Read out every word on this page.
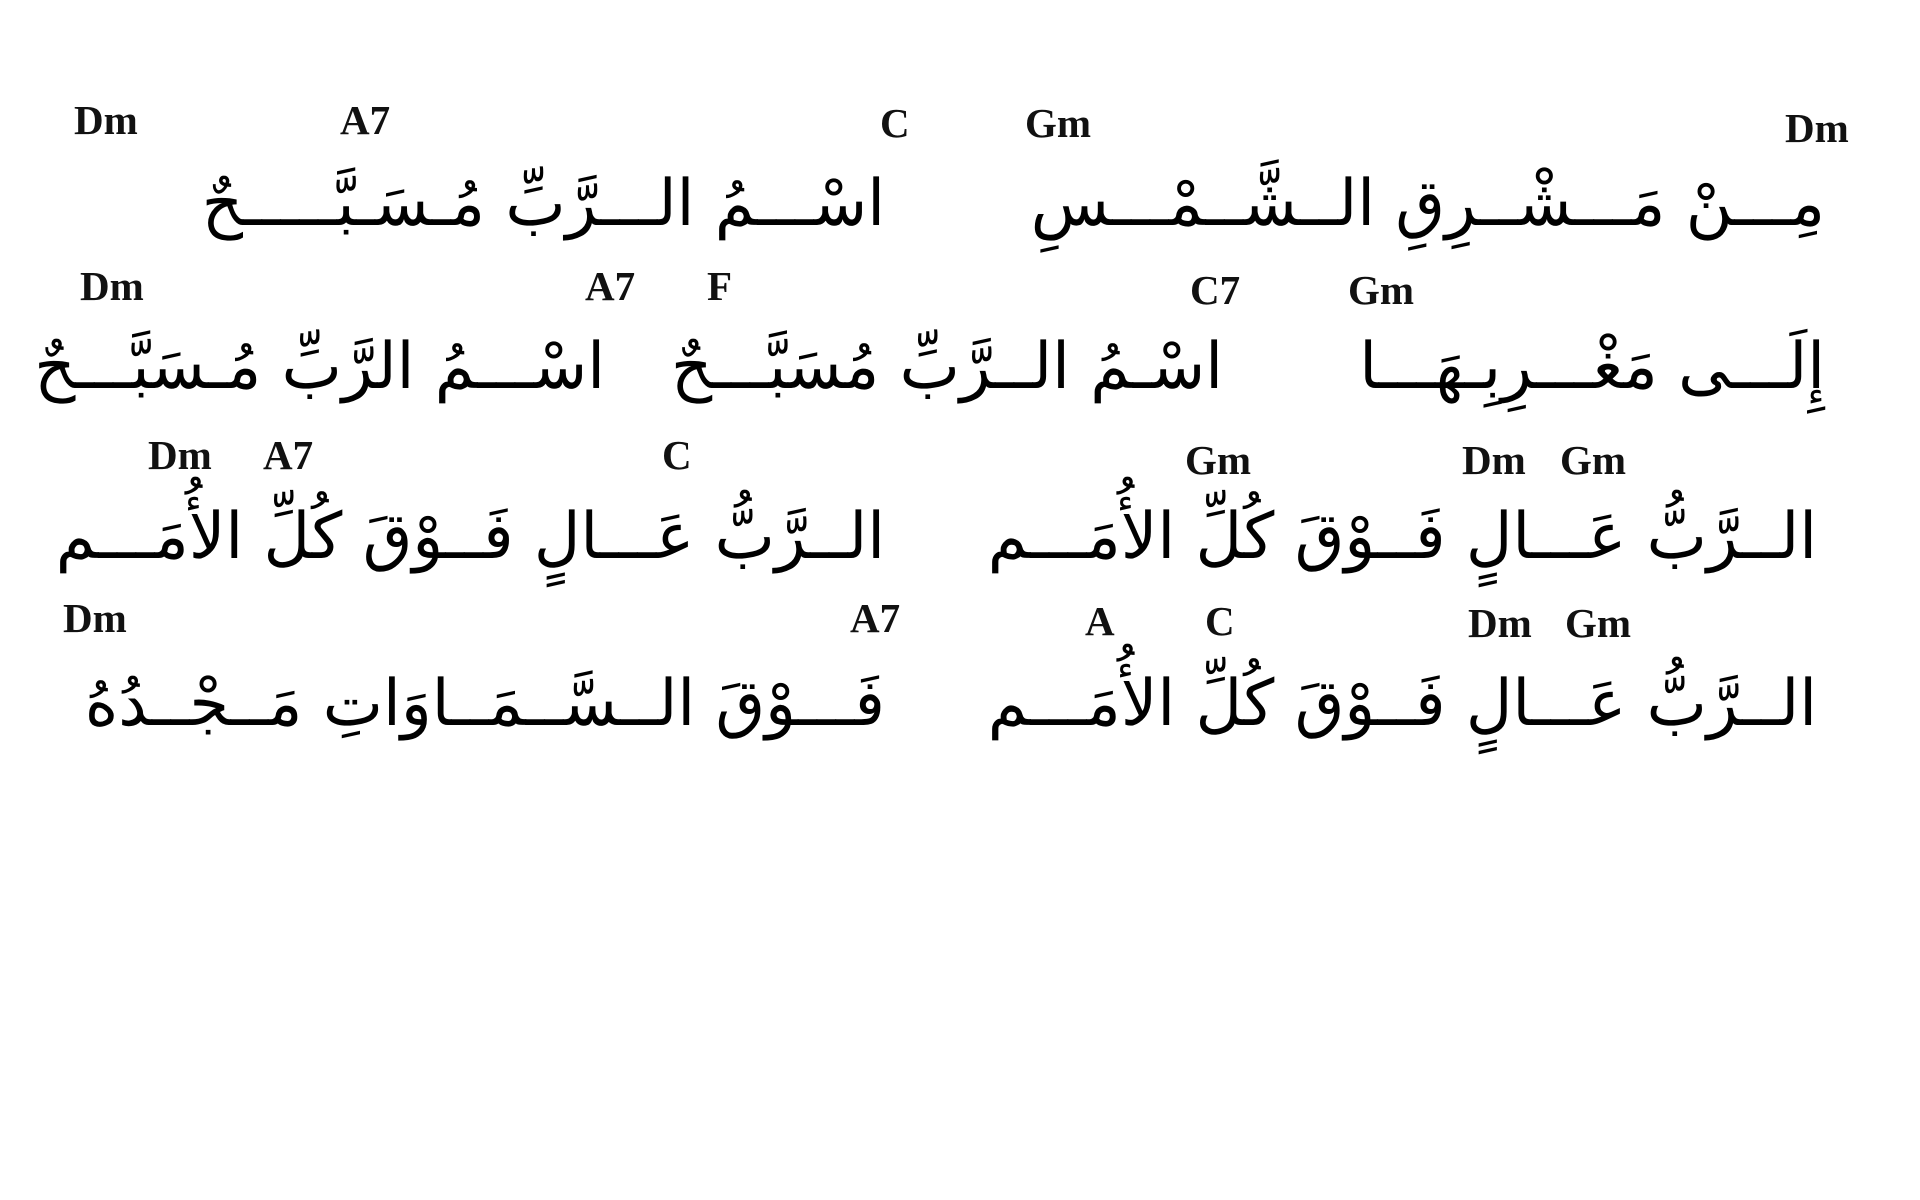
Dm	A7	C	Gm	Dm
مِـــنْ مَـــشْــرِقِ الــشَّــمْـــسِ
اسْـــمُ الـــرَّبِّ مُـسَـبَّـــــحٌ
Dm	A7 F	C7	Gm
إِلَـــى مَغْـــرِبِـهَـــا
اسْـمُ الــرَّبِّ مُسَبَّـــحٌ
اسْـــمُ الرَّبِّ مُـسَبَّـــحٌ
Dm A7	C	Gm	Dm Gm
الــرَّبُّ عَـــالٍ فَــوْقَ كُلِّ الأُمَـــم
الــرَّبُّ عَـــالٍ فَــوْقَ كُلِّ الأُمَـــم
Dm	A7	A C	Dm Gm
الــرَّبُّ عَـــالٍ فَــوْقَ كُلِّ الأُمَـــم
فَـــوْقَ الــسَّــمَــاوَاتِ مَــجْــدُهُ
